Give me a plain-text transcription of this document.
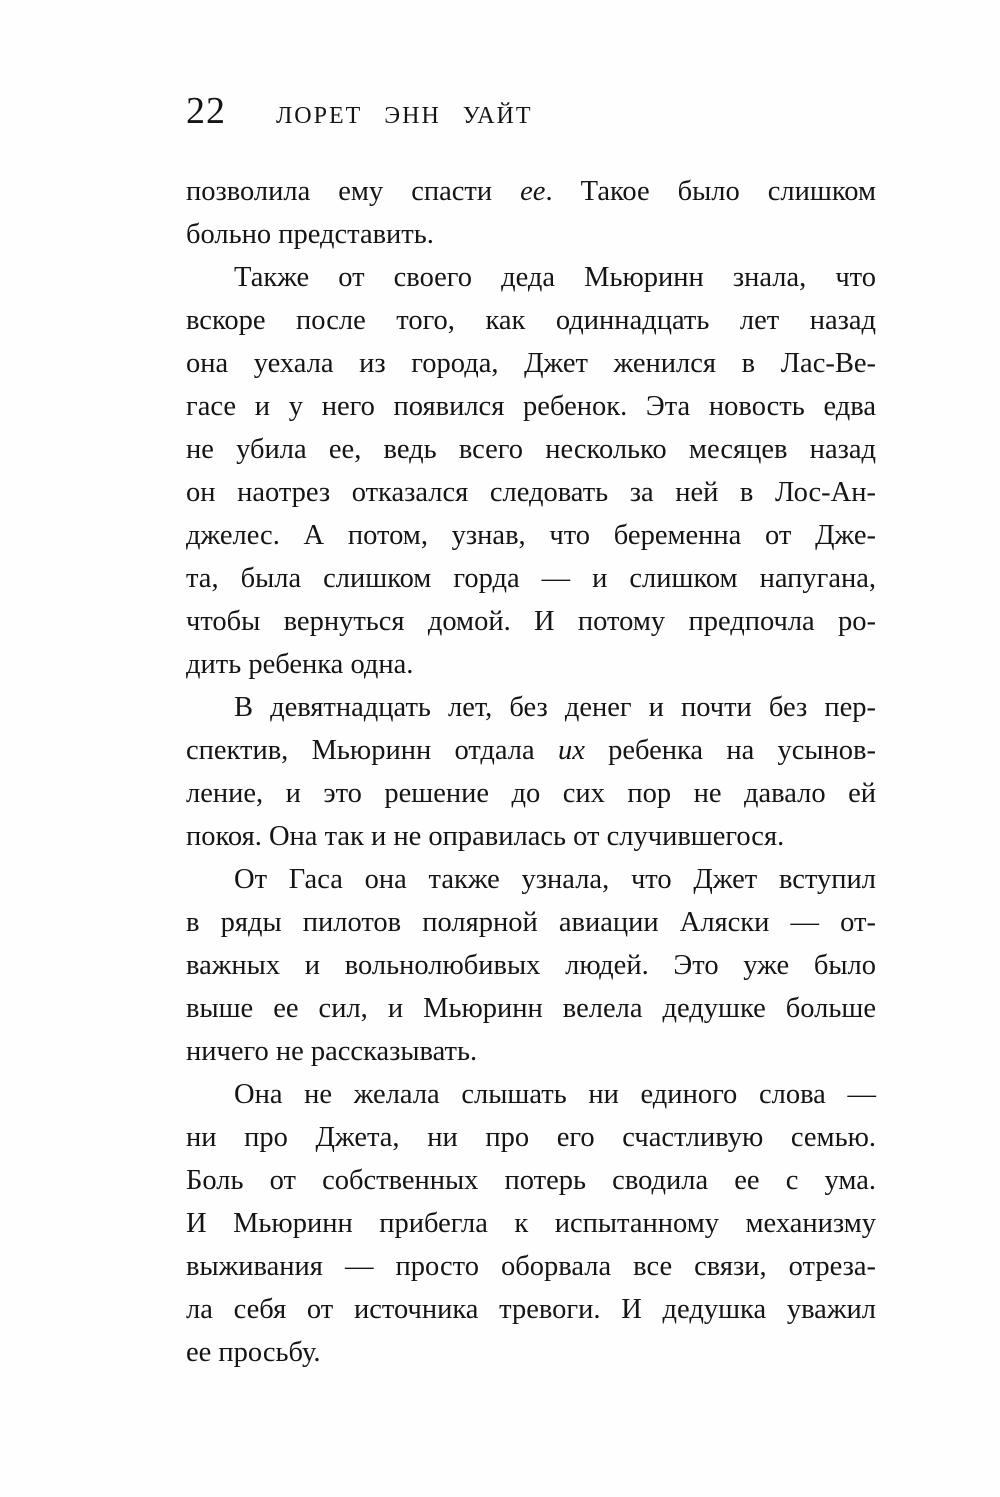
22 ЛОРЕТ ЭНН УАЙТ
позволила ему спасти ее. Такое было слишком
больно представить.
Также от своего деда Мьюринн знала, что
вскоре после того, как одиннадцать лет назад
она уехала из города, Джет женился в Лас-Ве-
гасе и у него появился ребенок. Эта новость едва
не убила ее, ведь всего несколько месяцев назад
он наотрез отказался следовать за ней в Лос-Ан-
джелес. А потом, узнав, что беременна от Дже-
та, была слишком горда — и слишком напугана,
чтобы вернуться домой. И потому предпочла ро-
дить ребенка одна.
В девятнадцать лет, без денег и почти без пер-
спектив, Мьюринн отдала их ребенка на усынов-
ление, и это решение до сих пор не давало ей
покоя. Она так и не оправилась от случившегося.
От Гаса она также узнала, что Джет вступил
в ряды пилотов полярной авиации Аляски — от-
важных и вольнолюбивых людей. Это уже было
выше ее сил, и Мьюринн велела дедушке больше
ничего не рассказывать.
Она не желала слышать ни единого слова —
ни про Джета, ни про его счастливую семью.
Боль от собственных потерь сводила ее с ума.
И Мьюринн прибегла к испытанному механизму
выживания — просто оборвала все связи, отреза-
ла себя от источника тревоги. И дедушка уважил
ее просьбу.
